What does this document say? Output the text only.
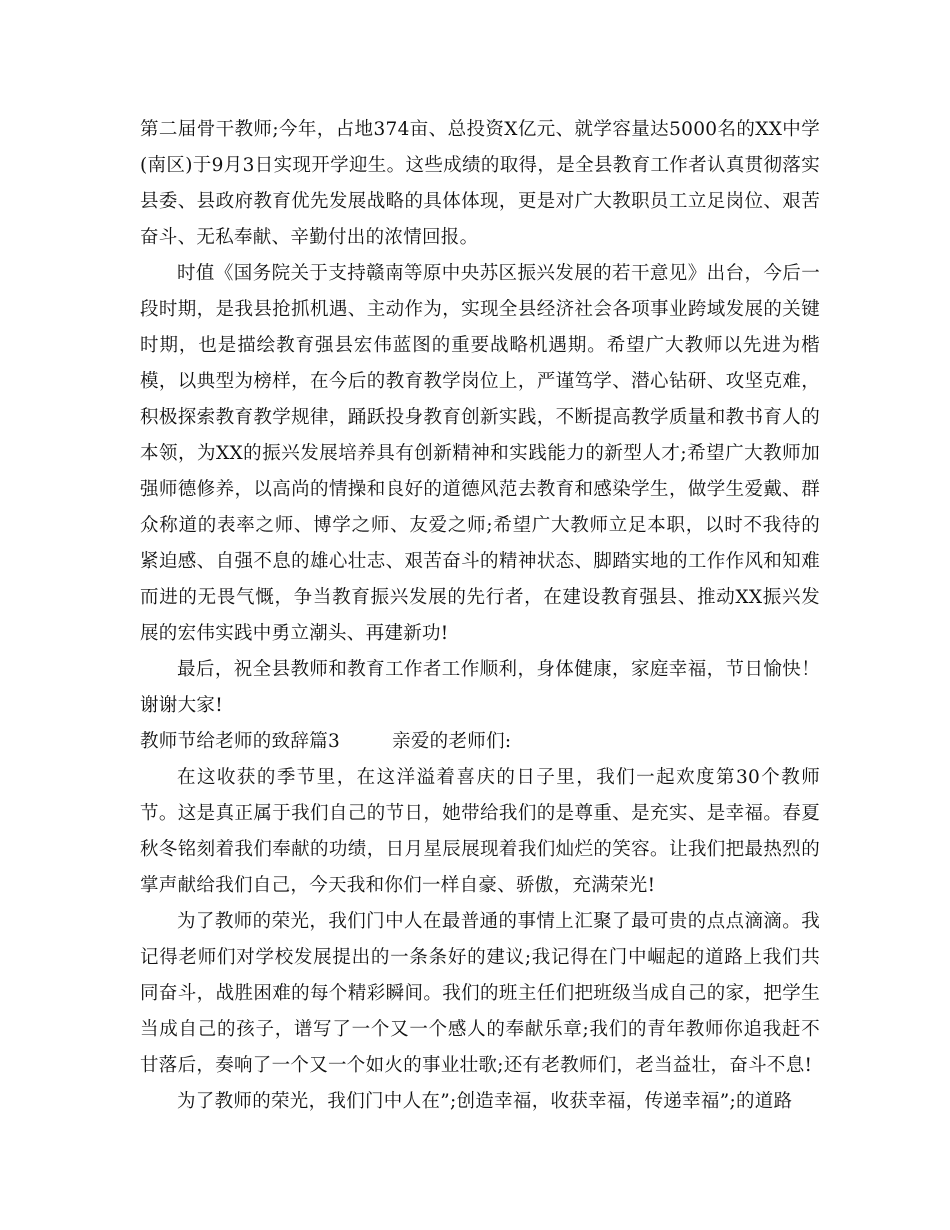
第二届骨干教师;今年，占地374亩、总投资X亿元、就学容量达5000名的XX中学(南区)于9月3日实现开学迎生。这些成绩的取得，是全县教育工作者认真贯彻落实县委、县政府教育优先发展战略的具体体现，更是对广大教职员工立足岗位、艰苦奋斗、无私奉献、辛勤付出的浓情回报。

时值《国务院关于支持赣南等原中央苏区振兴发展的若干意见》出台，今后一段时期，是我县抢抓机遇、主动作为，实现全县经济社会各项事业跨域发展的关键时期，也是描绘教育强县宏伟蓝图的重要战略机遇期。希望广大教师以先进为楷模，以典型为榜样，在今后的教育教学岗位上，严谨笃学、潜心钻研、攻坚克难，积极探索教育教学规律，踊跃投身教育创新实践，不断提高教学质量和教书育人的本领，为XX的振兴发展培养具有创新精神和实践能力的新型人才;希望广大教师加强师德修养，以高尚的情操和良好的道德风范去教育和感染学生，做学生爱戴、群众称道的表率之师、博学之师、友爱之师;希望广大教师立足本职，以时不我待的紧迫感、自强不息的雄心壮志、艰苦奋斗的精神状态、脚踏实地的工作作风和知难而进的无畏气慨，争当教育振兴发展的先行者，在建设教育强县、推动XX振兴发展的宏伟实践中勇立潮头、再建新功!

最后，祝全县教师和教育工作者工作顺利，身体健康，家庭幸福，节日愉快！谢谢大家!

教师节给老师的致辞篇3	亲爱的老师们:

在这收获的季节里，在这洋溢着喜庆的日子里，我们一起欢度第30个教师节。这是真正属于我们自己的节日，她带给我们的是尊重、是充实、是幸福。春夏秋冬铭刻着我们奉献的功绩，日月星辰展现着我们灿烂的笑容。让我们把最热烈的掌声献给我们自己，今天我和你们一样自豪、骄傲，充满荣光!

为了教师的荣光，我们门中人在最普通的事情上汇聚了最可贵的点点滴滴。我记得老师们对学校发展提出的一条条好的建议;我记得在门中崛起的道路上我们共同奋斗，战胜困难的每个精彩瞬间。我们的班主任们把班级当成自己的家，把学生当成自己的孩子，谱写了一个又一个感人的奉献乐章;我们的青年教师你追我赶不甘落后，奏响了一个又一个如火的事业壮歌;还有老教师们，老当益壮，奋斗不息!

为了教师的荣光，我们门中人在”;创造幸福，收获幸福，传递幸福”;的道路
